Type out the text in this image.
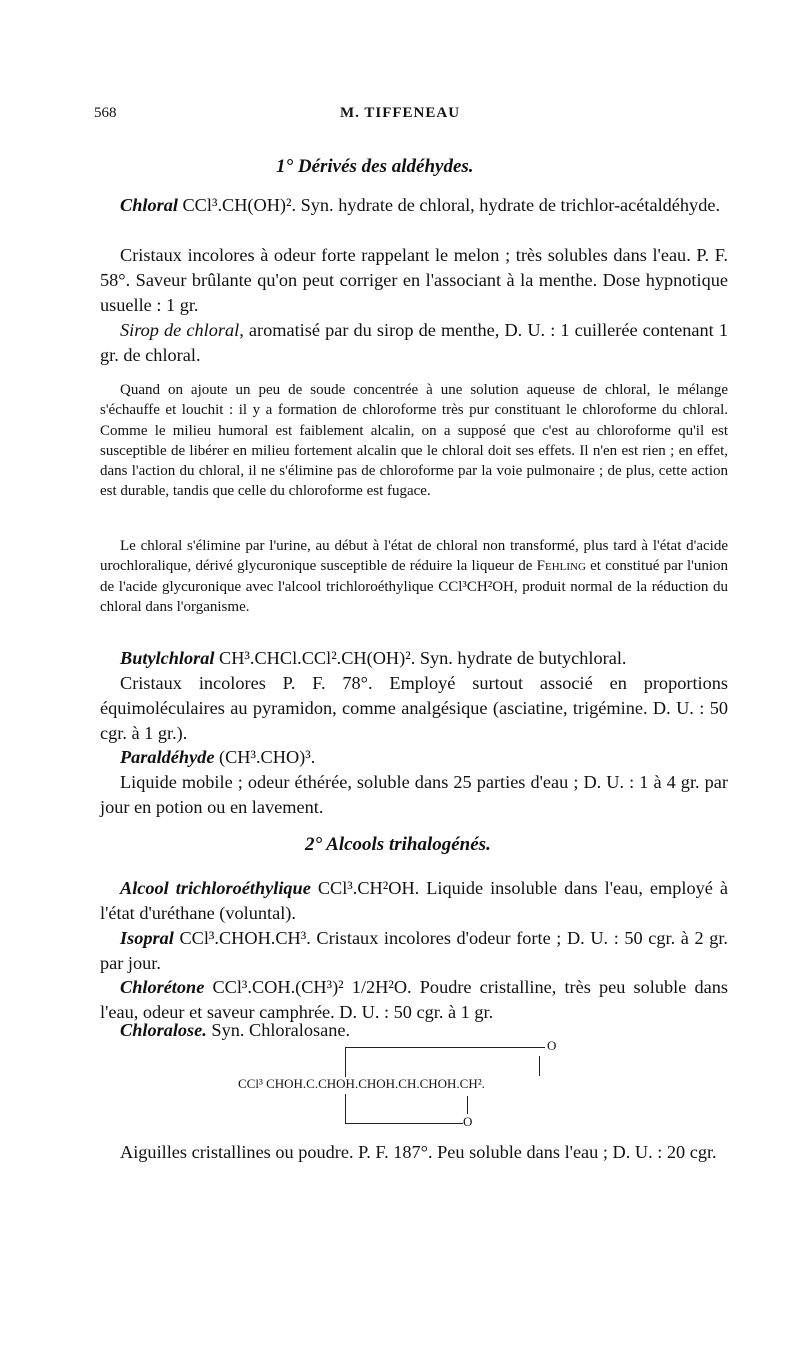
568	M. TIFFENEAU
1° Dérivés des aldéhydes.
Chloral CCl³.CH(OH)². Syn. hydrate de chloral, hydrate de trichlor-acétaldéhyde.
Cristaux incolores à odeur forte rappelant le melon ; très solubles dans l'eau. P. F. 58°. Saveur brûlante qu'on peut corriger en l'associant à la menthe. Dose hypnotique usuelle : 1 gr.
Sirop de chloral, aromatisé par du sirop de menthe, D. U. : 1 cuillerée contenant 1 gr. de chloral.
Quand on ajoute un peu de soude concentrée à une solution aqueuse de chloral, le mélange s'échauffe et louchit : il y a formation de chloroforme très pur constituant le chloroforme du chloral. Comme le milieu humoral est faiblement alcalin, on a supposé que c'est au chloroforme qu'il est susceptible de libérer en milieu fortement alcalin que le chloral doit ses effets. Il n'en est rien ; en effet, dans l'action du chloral, il ne s'élimine pas de chloroforme par la voie pulmonaire ; de plus, cette action est durable, tandis que celle du chloroforme est fugace.
Le chloral s'élimine par l'urine, au début à l'état de chloral non transformé, plus tard à l'état d'acide urochloralique, dérivé glycuronique susceptible de réduire la liqueur de Fehling et constitué par l'union de l'acide glycuronique avec l'alcool trichloroéthylique CCl³CH²OH, produit normal de la réduction du chloral dans l'organisme.
Butylchloral CH³.CHCl.CCl².CH(OH)². Syn. hydrate de butychloral.
Cristaux incolores P. F. 78°. Employé surtout associé en proportions équimoléculaires au pyramidon, comme analgésique (asciatine, trigémine. D. U. : 50 cgr. à 1 gr.).
Paraldéhyde (CH³.CHO)³.
Liquide mobile ; odeur éthérée, soluble dans 25 parties d'eau ; D. U. : 1 à 4 gr. par jour en potion ou en lavement.
2° Alcools trihalogénés.
Alcool trichloroéthylique CCl³.CH²OH. Liquide insoluble dans l'eau, employé à l'état d'uréthane (voluntal).
Isopral CCl³.CHOH.CH³. Cristaux incolores d'odeur forte ; D. U. : 50 cgr. à 2 gr. par jour.
Chlorétone CCl³.COH.(CH³)² 1/2H²O. Poudre cristalline, très peu soluble dans l'eau, odeur et saveur camphrée. D. U. : 50 cgr. à 1 gr.
Chloralose. Syn. Chloralosane.
O
CCl³ CHOH.C.CHOH.CHOH.CH.CHOH.CH².
O
Aiguilles cristallines ou poudre. P. F. 187°. Peu soluble dans l'eau ; D. U. : 20 cgr.
